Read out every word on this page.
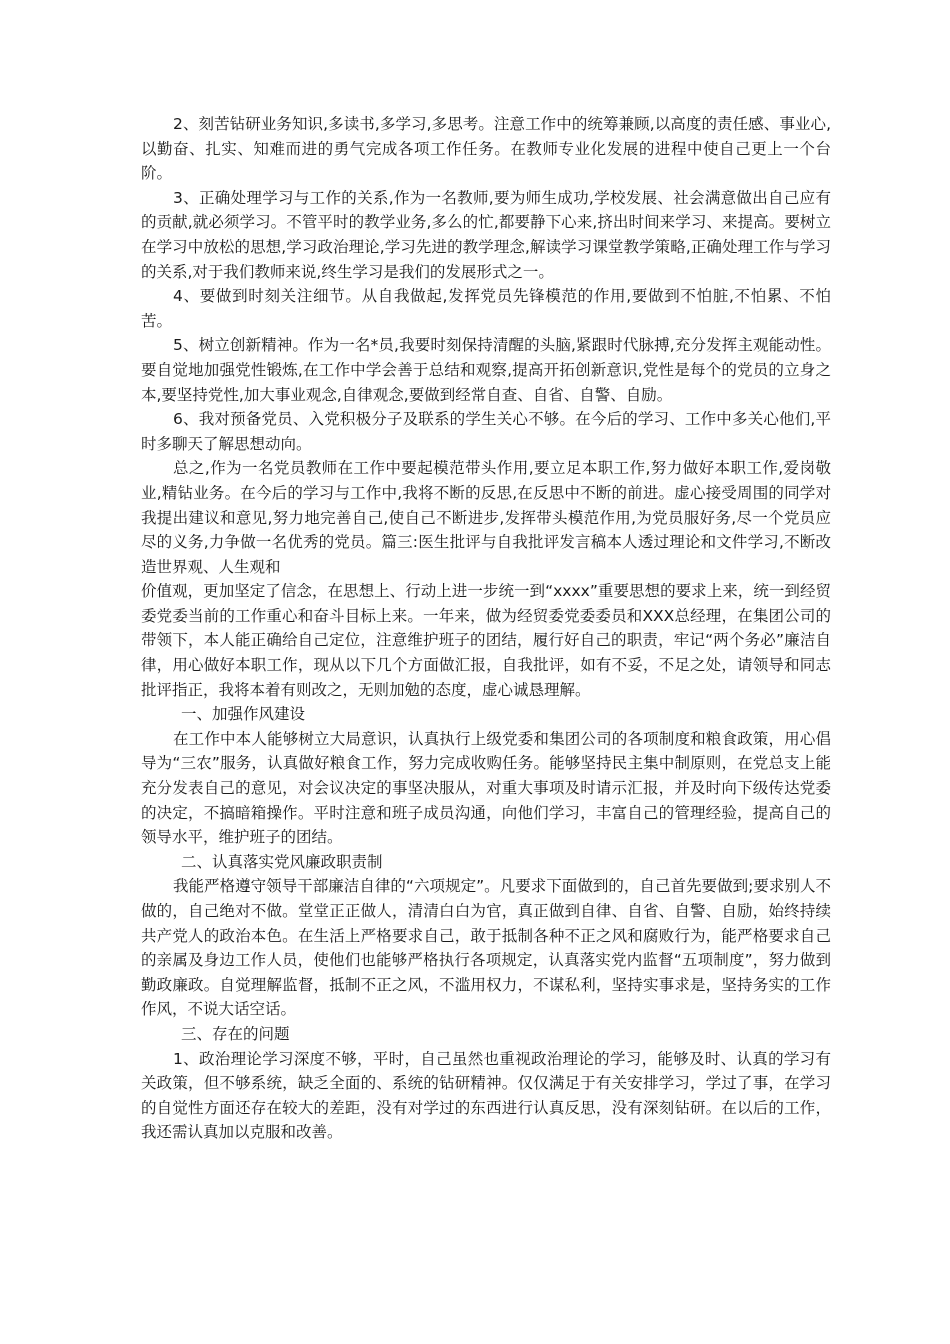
2、刻苦钻研业务知识,多读书,多学习,多思考。注意工作中的统筹兼顾,以高度的责任感、事业心,以勤奋、扎实、知难而进的勇气完成各项工作任务。在教师专业化发展的进程中使自己更上一个台阶。

3、正确处理学习与工作的关系,作为一名教师,要为师生成功,学校发展、社会满意做出自己应有的贡献,就必须学习。不管平时的教学业务,多么的忙,都要静下心来,挤出时间来学习、来提高。要树立在学习中放松的思想,学习政治理论,学习先进的教学理念,解读学习课堂教学策略,正确处理工作与学习的关系,对于我们教师来说,终生学习是我们的发展形式之一。

4、要做到时刻关注细节。从自我做起,发挥党员先锋模范的作用,要做到不怕脏,不怕累、不怕苦。

5、树立创新精神。作为一名*员,我要时刻保持清醒的头脑,紧跟时代脉搏,充分发挥主观能动性。要自觉地加强党性锻炼,在工作中学会善于总结和观察,提高开拓创新意识,党性是每个的党员的立身之本,要坚持党性,加大事业观念,自律观念,要做到经常自查、自省、自警、自励。

6、我对预备党员、入党积极分子及联系的学生关心不够。在今后的学习、工作中多关心他们,平时多聊天了解思想动向。

总之,作为一名党员教师在工作中要起模范带头作用,要立足本职工作,努力做好本职工作,爱岗敬业,精钻业务。在今后的学习与工作中,我将不断的反思,在反思中不断的前进。虚心接受周围的同学对我提出建议和意见,努力地完善自己,使自己不断进步,发挥带头模范作用,为党员服好务,尽一个党员应尽的义务,力争做一名优秀的党员。篇三:医生批评与自我批评发言稿本人透过理论和文件学习,不断改造世界观、人生观和

价值观，更加坚定了信念，在思想上、行动上进一步统一到“xxxx”重要思想的要求上来，统一到经贸委党委当前的工作重心和奋斗目标上来。一年来，做为经贸委党委委员和XXX总经理，在集团公司的带领下，本人能正确给自己定位，注意维护班子的团结，履行好自己的职责，牢记“两个务必”廉洁自律，用心做好本职工作，现从以下几个方面做汇报，自我批评，如有不妥，不足之处，请领导和同志批评指正，我将本着有则改之，无则加勉的态度，虚心诚恳理解。

一、加强作风建设

在工作中本人能够树立大局意识，认真执行上级党委和集团公司的各项制度和粮食政策，用心倡导为“三农”服务，认真做好粮食工作，努力完成收购任务。能够坚持民主集中制原则，在党总支上能充分发表自己的意见，对会议决定的事坚决服从，对重大事项及时请示汇报，并及时向下级传达党委的决定，不搞暗箱操作。平时注意和班子成员沟通，向他们学习，丰富自己的管理经验，提高自己的领导水平，维护班子的团结。

二、认真落实党风廉政职责制

我能严格遵守领导干部廉洁自律的“六项规定”。凡要求下面做到的，自己首先要做到;要求别人不做的，自己绝对不做。堂堂正正做人，清清白白为官，真正做到自律、自省、自警、自励，始终持续共产党人的政治本色。在生活上严格要求自己，敢于抵制各种不正之风和腐败行为，能严格要求自己的亲属及身边工作人员，使他们也能够严格执行各项规定，认真落实党内监督“五项制度”，努力做到勤政廉政。自觉理解监督，抵制不正之风，不滥用权力，不谋私利，坚持实事求是，坚持务实的工作作风，不说大话空话。

三、存在的问题

1、政治理论学习深度不够，平时，自己虽然也重视政治理论的学习，能够及时、认真的学习有关政策，但不够系统，缺乏全面的、系统的钻研精神。仅仅满足于有关安排学习，学过了事，在学习的自觉性方面还存在较大的差距，没有对学过的东西进行认真反思，没有深刻钻研。在以后的工作，我还需认真加以克服和改善。
